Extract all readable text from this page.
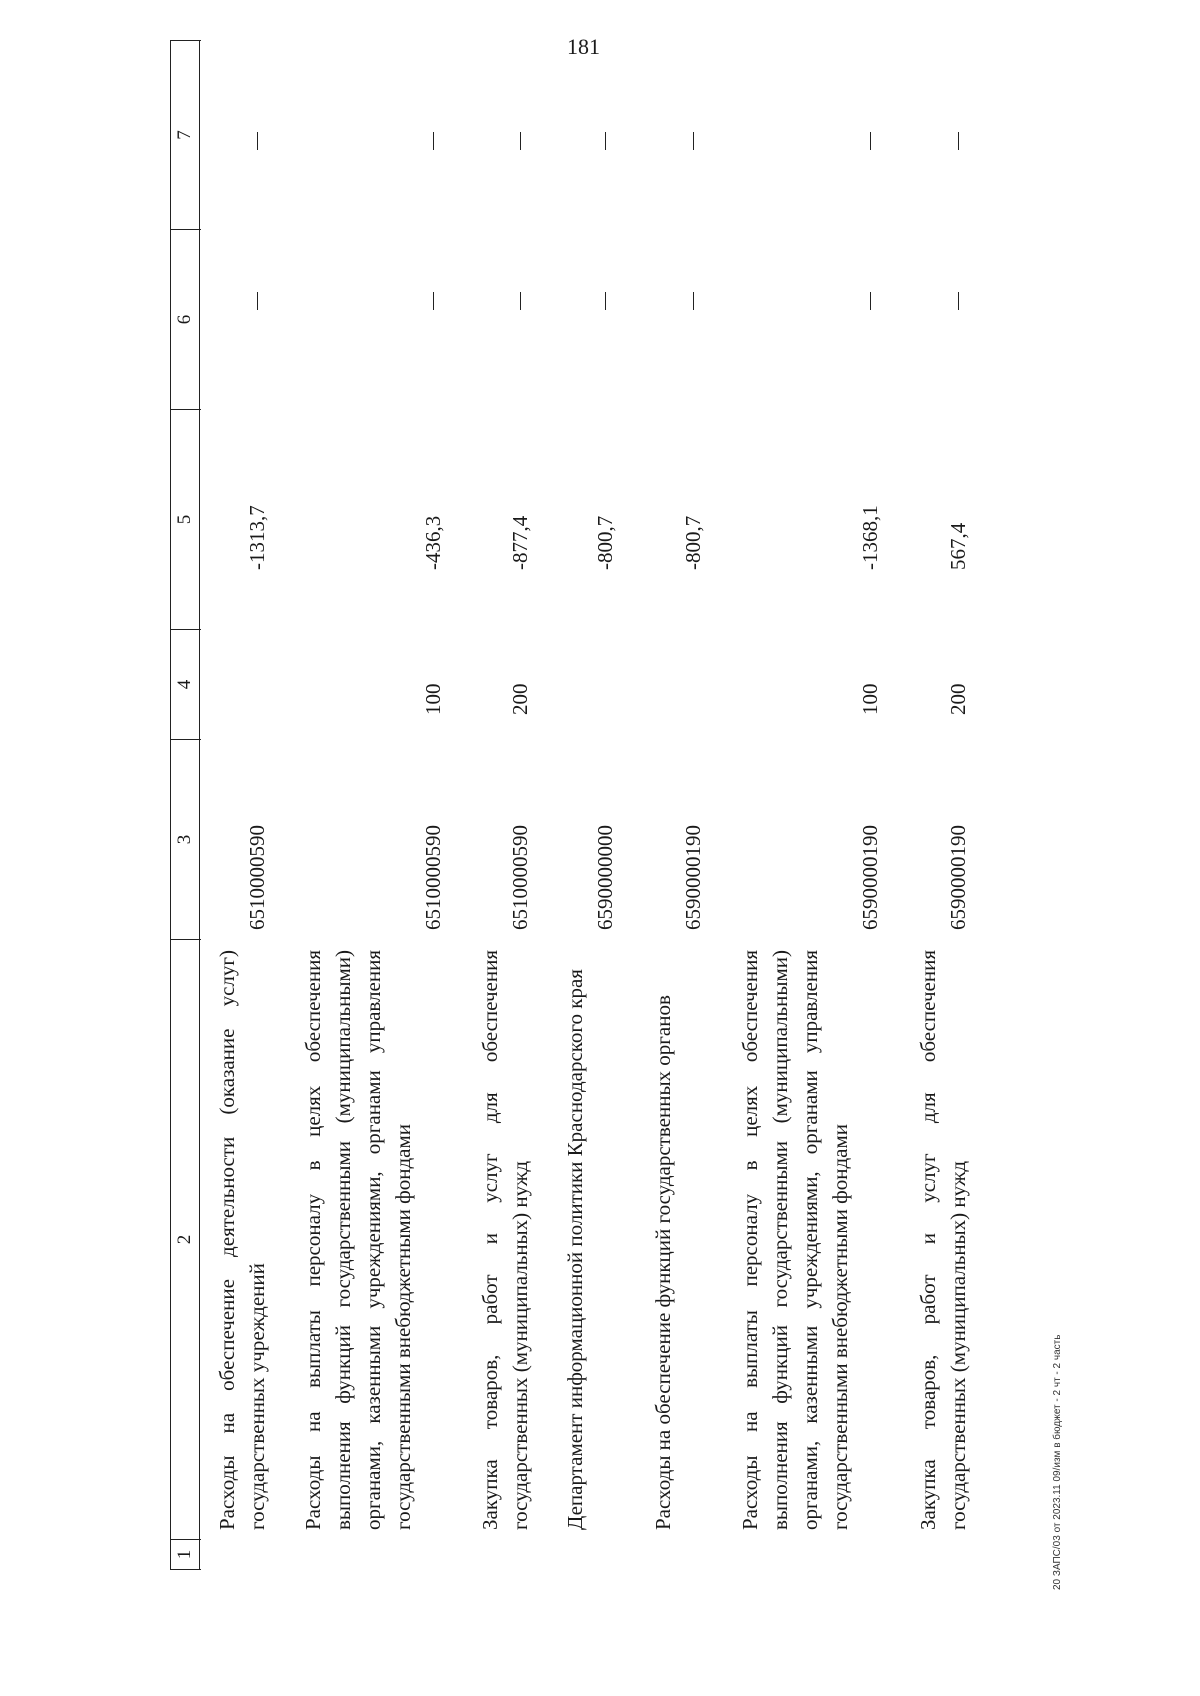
181
1
2
3
4
5
6
7
Расходы на обеспечение деятельности (оказание услуг) государственных учреждений
6510000590
-1313,7
Расходы на выплаты персоналу в целях обеспечения выполнения функций государственными (муниципальными) органами, казенными учреждениями, органами управления государственными внебюджетными фондами
6510000590
100
-436,3
Закупка товаров, работ и услуг для обеспечения государственных (муниципальных) нужд
6510000590
200
-877,4
Департамент информационной политики Краснодарского края
6590000000
-800,7
Расходы на обеспечение функций государственных органов
6590000190
-800,7
Расходы на выплаты персоналу в целях обеспечения выполнения функций государственными (муниципальными) органами, казенными учреждениями, органами управления государственными внебюджетными фондами
6590000190
100
-1368,1
Закупка товаров, работ и услуг для обеспечения государственных (муниципальных) нужд
6590000190
200
567,4
20 ЗАПС/03 от 2023.11 09/изм в бюджет - 2 чт - 2 часть
